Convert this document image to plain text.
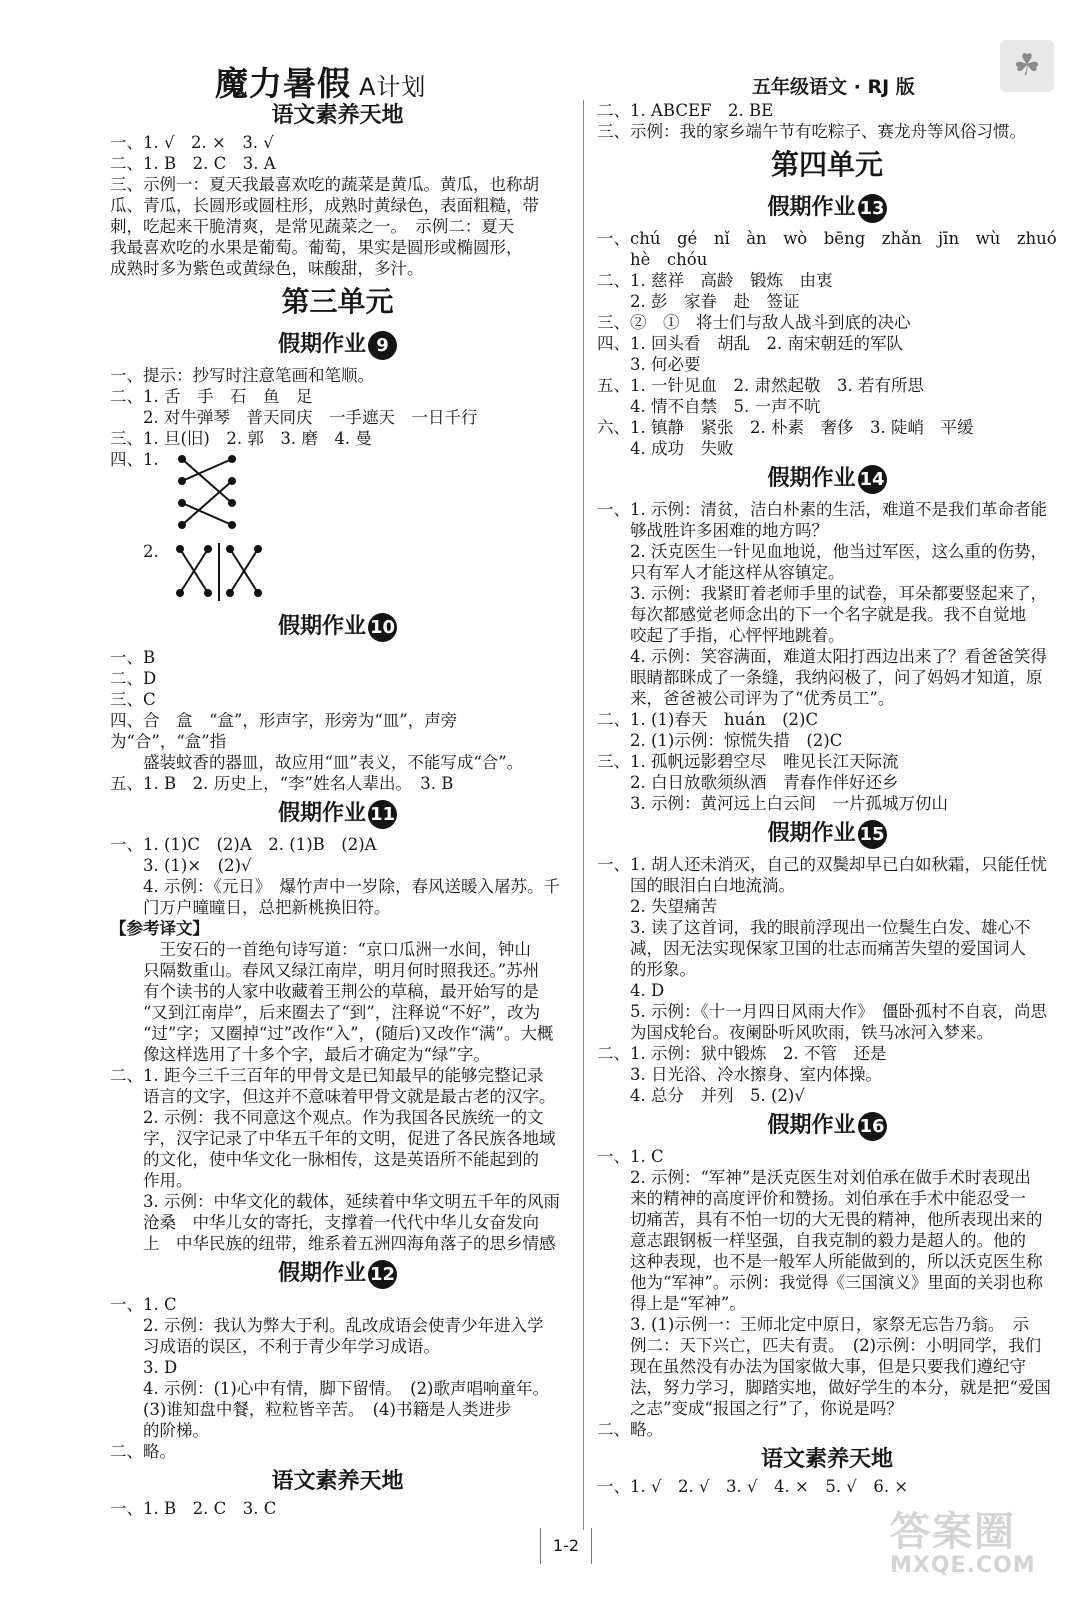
魔力暑假 A计划	五年级语文 · RJ 版
☘
语文素养天地

一、1. √　2. ×　3. √

二、1. B　2. C　3. A

三、示例一：夏天我最喜欢吃的蔬菜是黄瓜。黄瓜，也称胡

瓜、青瓜，长圆形或圆柱形，成熟时黄绿色，表面粗糙，带

刺，吃起来干脆清爽，是常见蔬菜之一。　示例二：夏天

我最喜欢吃的水果是葡萄。葡萄，果实是圆形或椭圆形，

成熟时多为紫色或黄绿色，味酸甜，多汁。

第三单元
假期作业 9

一、提示：抄写时注意笔画和笔顺。

二、1. 舌　手　石　鱼　足

　　2. 对牛弹琴　普天同庆　一手遮天　一日千行

三、1. 旦(旧)　2. 郭　3. 磨　4. 曼

四、1.
　　2.
假期作业 10

一、B

二、D

三、C

四、合　盒　“盒”，形声字，形旁为“皿”，声旁为“合”，“盒”指

　　盛装蚊香的器皿，故应用“皿”表义，不能写成“合”。

五、1. B　2. 历史上，“李”姓名人辈出。　3. B

假期作业 11

一、1. (1)C　(2)A　2. (1)B　(2)A

　　3. (1)×　(2)√

　　4. 示例：《元日》　爆竹声中一岁除，春风送暖入屠苏。千

　　门万户曈曈日，总把新桃换旧符。

【参考译文】

　　　王安石的一首绝句诗写道：“京口瓜洲一水间，钟山

　　只隔数重山。春风又绿江南岸，明月何时照我还。”苏州

　　有个读书的人家中收藏着王荆公的草稿，最开始写的是

　　“又到江南岸”，后来圈去了“到”，注释说“不好”，改为

　　“过”字；又圈掉“过”改作“入”，(随后)又改作“满”。大概

　　像这样选用了十多个字，最后才确定为“绿”字。

二、1. 距今三千三百年的甲骨文是已知最早的能够完整记录

　　语言的文字，但这并不意味着甲骨文就是最古老的汉字。

　　2. 示例：我不同意这个观点。作为我国各民族统一的文

　　字，汉字记录了中华五千年的文明，促进了各民族各地域

　　的文化，使中华文化一脉相传，这是英语所不能起到的

　　作用。

　　3. 示例：中华文化的载体，延续着中华文明五千年的风雨

　　沧桑　中华儿女的寄托，支撑着一代代中华儿女奋发向

　　上　中华民族的纽带，维系着五洲四海角落子的思乡情感

假期作业 12

一、1. C

　　2. 示例：我认为弊大于利。乱改成语会使青少年进入学

　　习成语的误区，不利于青少年学习成语。

　　3. D

　　4. 示例：(1)心中有情，脚下留情。　(2)歌声唱响童年。

　　(3)谁知盘中餐，粒粒皆辛苦。　(4)书籍是人类进步

　　的阶梯。

二、略。

语文素养天地

一、1. B　2. C　3. C

二、1. ABCEF　2. BE

三、示例：我的家乡端午节有吃粽子、赛龙舟等风俗习惯。

第四单元
假期作业 13

一、chú　gé　nǐ　àn　wò　bēng　zhǎn　jīn　wù　zhuó

　　hè　chóu

二、1. 慈祥　高龄　锻炼　由衷

　　2. 彭　家眷　赴　签证

三、②　①　将士们与敌人战斗到底的决心

四、1. 回头看　胡乱　2. 南宋朝廷的军队

　　3. 何必要

五、1. 一针见血　2. 肃然起敬　3. 若有所思

　　4. 情不自禁　5. 一声不吭

六、1. 镇静　紧张　2. 朴素　奢侈　3. 陡峭　平缓

　　4. 成功　失败

假期作业 14

一、1. 示例：清贫，洁白朴素的生活，难道不是我们革命者能

　　够战胜许多困难的地方吗？

　　2. 沃克医生一针见血地说，他当过军医，这么重的伤势，

　　只有军人才能这样从容镇定。

　　3. 示例：我紧盯着老师手里的试卷，耳朵都要竖起来了，

　　每次都感觉老师念出的下一个名字就是我。我不自觉地

　　咬起了手指，心怦怦地跳着。

　　4. 示例：笑容满面，难道太阳打西边出来了？看爸爸笑得

　　眼睛都眯成了一条缝，我纳闷极了，问了妈妈才知道，原

　　来，爸爸被公司评为了“优秀员工”。

二、1. (1)春天　huán　(2)C

　　2. (1)示例：惊慌失措　(2)C

三、1. 孤帆远影碧空尽　唯见长江天际流

　　2. 白日放歌须纵酒　青春作伴好还乡

　　3. 示例：黄河远上白云间　一片孤城万仞山

假期作业 15

一、1. 胡人还未消灭，自己的双鬓却早已白如秋霜，只能任忧

　　国的眼泪白白地流淌。

　　2. 失望痛苦

　　3. 读了这首词，我的眼前浮现出一位鬓生白发、雄心不

　　减，因无法实现保家卫国的壮志而痛苦失望的爱国词人

　　的形象。

　　4. D

　　5. 示例：《十一月四日风雨大作》　僵卧孤村不自哀，尚思

　　为国戍轮台。夜阑卧听风吹雨，铁马冰河入梦来。

二、1. 示例：狱中锻炼　2. 不管　还是

　　3. 日光浴、冷水擦身、室内体操。

　　4. 总分　并列　5. (2)√

假期作业 16

一、1. C

　　2. 示例：“军神”是沃克医生对刘伯承在做手术时表现出

　　来的精神的高度评价和赞扬。刘伯承在手术中能忍受一

　　切痛苦，具有不怕一切的大无畏的精神，他所表现出来的

　　意志跟钢板一样坚强，自我克制的毅力是超人的。他的

　　这种表现，也不是一般军人所能做到的，所以沃克医生称

　　他为“军神”。示例：我觉得《三国演义》里面的关羽也称

　　得上是“军神”。

　　3. (1)示例一：王师北定中原日，家祭无忘告乃翁。　示

　　例二：天下兴亡，匹夫有责。　(2)示例：小明同学，我们

　　现在虽然没有办法为国家做大事，但是只要我们遵纪守

　　法，努力学习，脚踏实地，做好学生的本分，就是把“爱国

　　之志”变成“报国之行”了，你说是吗？

二、略。

语文素养天地

一、1. √　2. √　3. √　4. ×　5. √　6. ×

1-2	答案圈
MXQE.COM
